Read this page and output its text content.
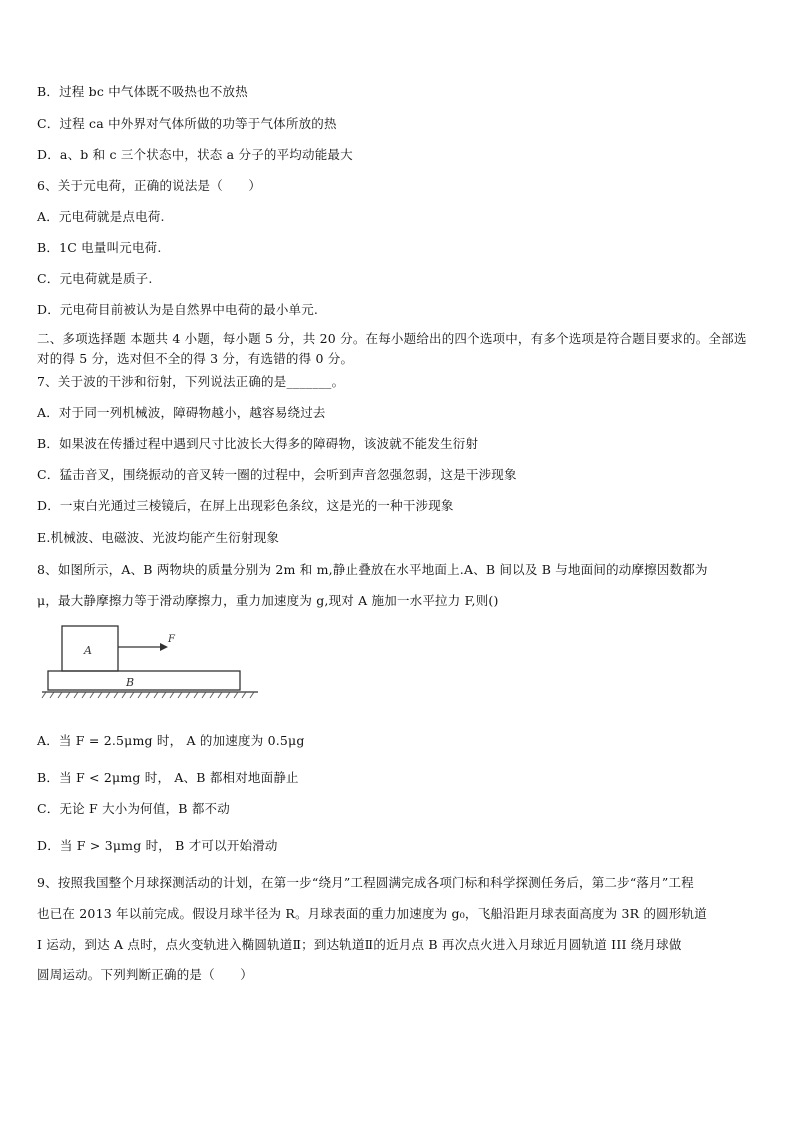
B．过程 bc 中气体既不吸热也不放热
C．过程 ca 中外界对气体所做的功等于气体所放的热
D．a、b 和 c 三个状态中，状态 a 分子的平均动能最大
6、关于元电荷，正确的说法是（　　）
A．元电荷就是点电荷.
B．1C 电量叫元电荷.
C．元电荷就是质子.
D．元电荷目前被认为是自然界中电荷的最小单元.
二、多项选择题 本题共 4 小题，每小题 5 分，共 20 分。在每小题给出的四个选项中，有多个选项是符合题目要求的。全部选对的得 5 分，选对但不全的得 3 分，有选错的得 0 分。
7、关于波的干涉和衍射，下列说法正确的是_______。
A．对于同一列机械波，障碍物越小，越容易绕过去
B．如果波在传播过程中遇到尺寸比波长大得多的障碍物，该波就不能发生衍射
C．猛击音叉，围绕振动的音叉转一圈的过程中，会听到声音忽强忽弱，这是干涉现象
D．一束白光通过三棱镜后，在屏上出现彩色条纹，这是光的一种干涉现象
E.机械波、电磁波、光波均能产生衍射现象
8、如图所示，A、B 两物块的质量分别为 2m 和 m,静止叠放在水平地面上.A、B 间以及 B 与地面间的动摩擦因数都为
μ，最大静摩擦力等于滑动摩擦力，重力加速度为 g,现对 A 施加一水平拉力 F,则()
A
F
B
A．当 F = 2.5μmg 时， A 的加速度为 0.5μg
B．当 F < 2μmg 时， A、B 都相对地面静止
C．无论 F 大小为何值，B 都不动
D．当 F > 3μmg 时， B 才可以开始滑动
9、按照我国整个月球探测活动的计划，在第一步“绕月”工程圆满完成各项门标和科学探测任务后，第二步“落月”工程
也已在 2013 年以前完成。假设月球半径为 R。月球表面的重力加速度为 g₀，飞船沿距月球表面高度为 3R 的圆形轨道
I 运动，到达 A 点时，点火变轨进入椭圆轨道Ⅱ；到达轨道Ⅱ的近月点 B 再次点火进入月球近月圆轨道 III 绕月球做
圆周运动。下列判断正确的是（　　）
